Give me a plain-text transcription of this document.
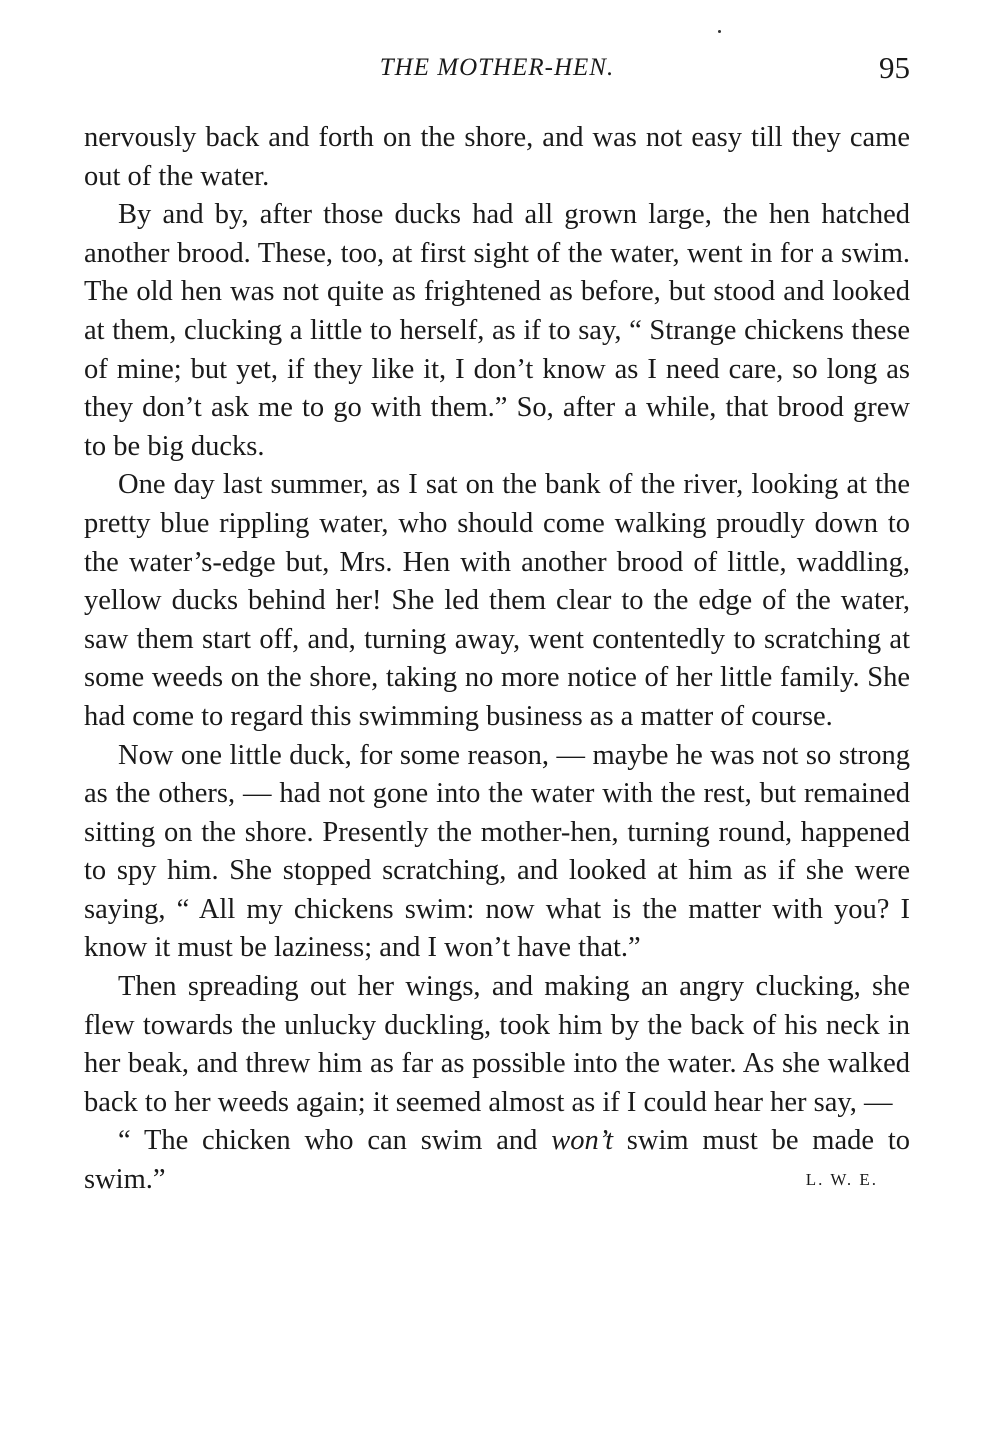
THE MOTHER-HEN.	95

nervously back and forth on the shore, and was not easy till they came out of the water.

By and by, after those ducks had all grown large, the hen hatched another brood. These, too, at first sight of the water, went in for a swim. The old hen was not quite as frightened as before, but stood and looked at them, clucking a little to herself, as if to say, “ Strange chickens these of mine; but yet, if they like it, I don’t know as I need care, so long as they don’t ask me to go with them.” So, after a while, that brood grew to be big ducks.

One day last summer, as I sat on the bank of the river, looking at the pretty blue rippling water, who should come walking proudly down to the water’s-edge but, Mrs. Hen with another brood of little, waddling, yellow ducks behind her! She led them clear to the edge of the water, saw them start off, and, turning away, went contentedly to scratching at some weeds on the shore, taking no more notice of her little family. She had come to regard this swimming business as a matter of course.

Now one little duck, for some reason, — maybe he was not so strong as the others, — had not gone into the water with the rest, but remained sitting on the shore. Presently the mother-hen, turning round, happened to spy him. She stopped scratching, and looked at him as if she were saying, “ All my chickens swim: now what is the matter with you? I know it must be laziness; and I won’t have that.”

Then spreading out her wings, and making an angry clucking, she flew towards the unlucky duckling, took him by the back of his neck in her beak, and threw him as far as possible into the water. As she walked back to her weeds again; it seemed almost as if I could hear her say, —

“ The chicken who can swim and won’t swim must be made to swim.”	L. W. E.
